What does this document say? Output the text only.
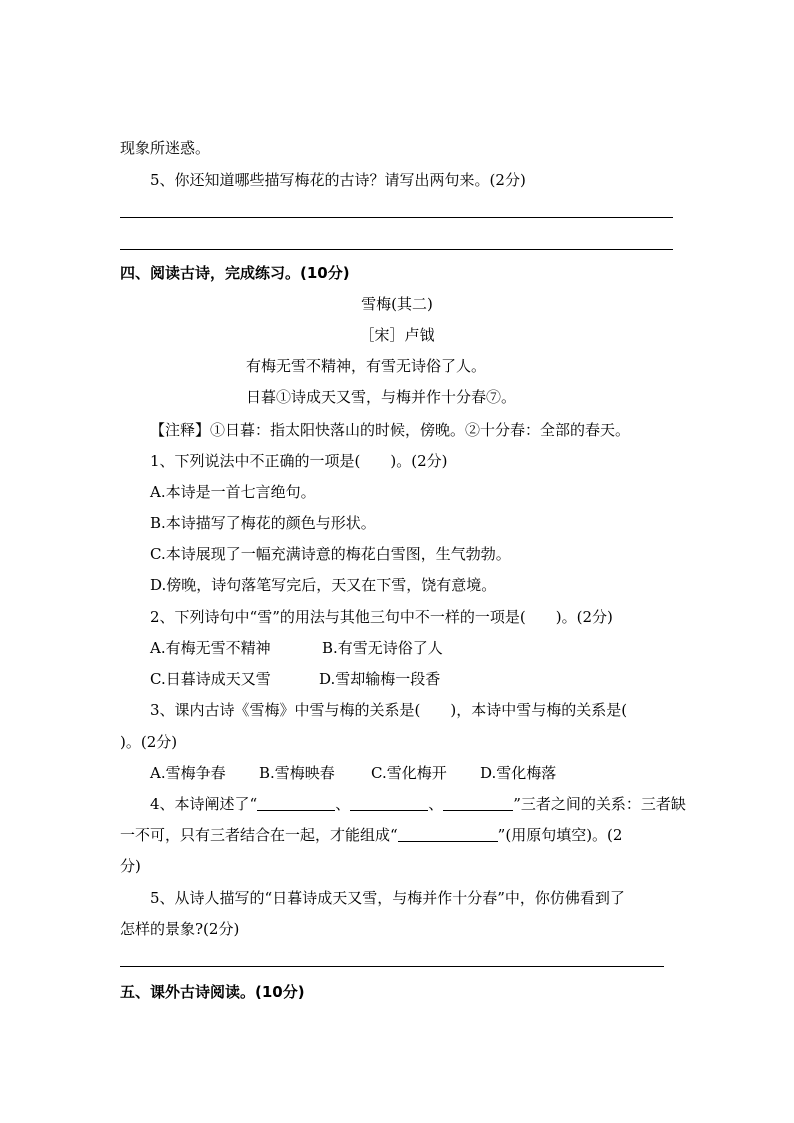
现象所迷惑。
5、你还知道哪些描写梅花的古诗？请写出两句来。(2分)
四、阅读古诗，完成练习。(10分)
雪梅(其二)
［宋］卢钺
有梅无雪不精神，有雪无诗俗了人。
日暮①诗成天又雪，与梅并作十分春⑦。
【注释】①日暮：指太阳快落山的时候，傍晚。②十分春：全部的春天。
1、下列说法中不正确的一项是(　　)。(2分)
A.本诗是一首七言绝句。
B.本诗描写了梅花的颜色与形状。
C.本诗展现了一幅充满诗意的梅花白雪图，生气勃勃。
D.傍晚，诗句落笔写完后，天又在下雪，饶有意境。
2、下列诗句中“雪”的用法与其他三句中不一样的一项是(　　)。(2分)
A.有梅无雪不精神	B.有雪无诗俗了人
C.日暮诗成天又雪	D.雪却输梅一段香
3、课内古诗《雪梅》中雪与梅的关系是(　　)，本诗中雪与梅的关系是(
)。(2分)
A.雪梅争春 B.雪梅映春 C.雪化梅开 D.雪化梅落
4、本诗阐述了“	、	、	”三者之间的关系：三者缺
一不可，只有三者结合在一起，才能组成“	”(用原句填空)。(2
分)
5、从诗人描写的“日暮诗成天又雪，与梅并作十分春”中，你仿佛看到了
怎样的景象?(2分)
五、课外古诗阅读。(10分)
